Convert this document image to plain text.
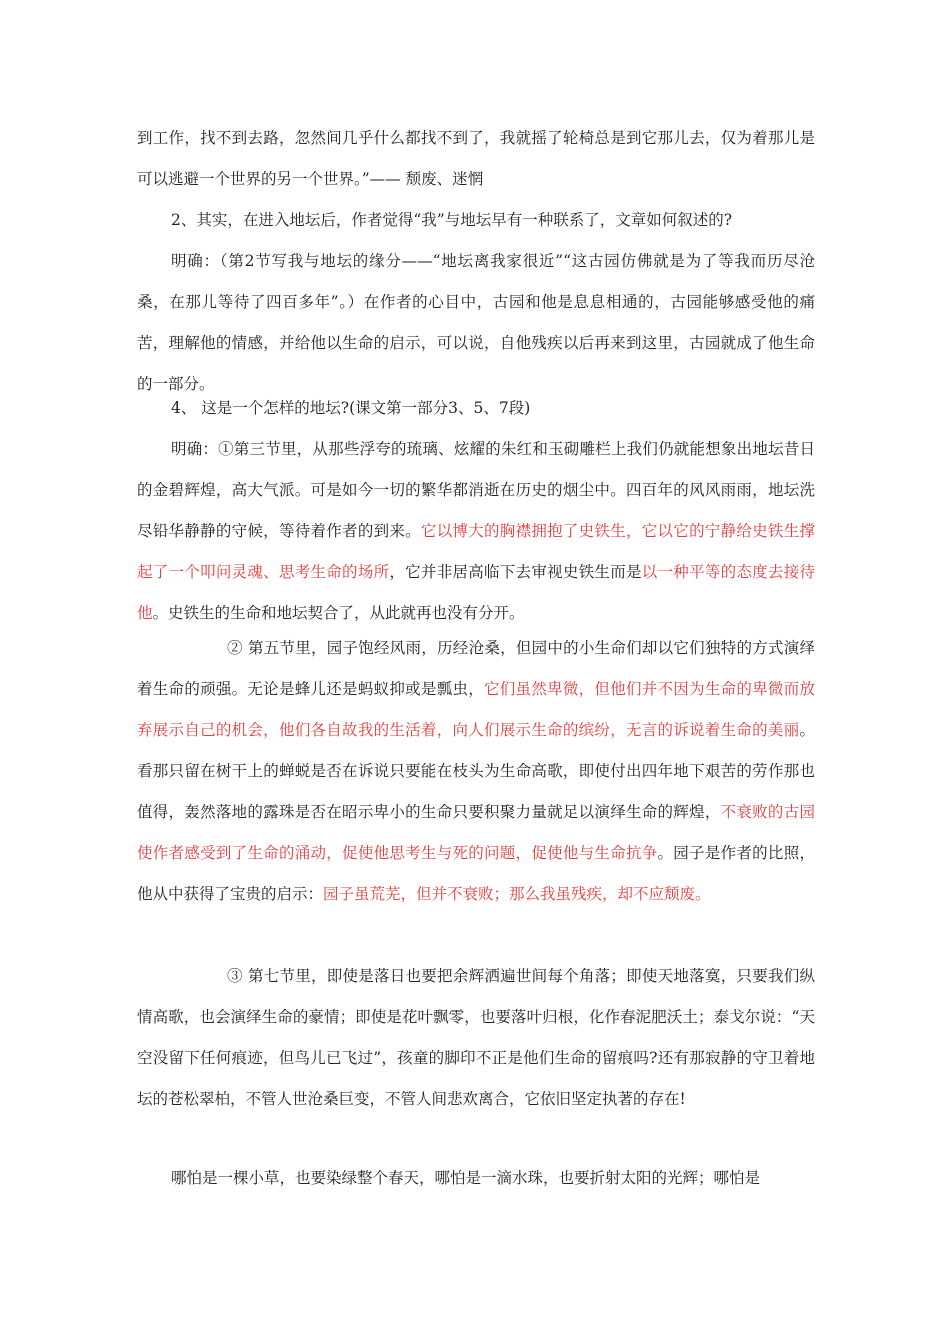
到工作，找不到去路，忽然间几乎什么都找不到了，我就摇了轮椅总是到它那儿去，仅为着那儿是可以逃避一个世界的另一个世界。”—— 颓废、迷惘

2、其实，在进入地坛后，作者觉得“我”与地坛早有一种联系了，文章如何叙述的?

明确：（第2节写我与地坛的缘分——“地坛离我家很近”“这古园仿佛就是为了等我而历尽沧桑，在那儿等待了四百多年”。）在作者的心目中，古园和他是息息相通的，古园能够感受他的痛苦，理解他的情感，并给他以生命的启示，可以说，自他残疾以后再来到这里，古园就成了他生命的一部分。

4、 这是一个怎样的地坛?(课文第一部分3、5、7段)

明确：①第三节里，从那些浮夸的琉璃、炫耀的朱红和玉砌雕栏上我们仍就能想象出地坛昔日的金碧辉煌，高大气派。可是如今一切的繁华都消逝在历史的烟尘中。四百年的风风雨雨，地坛洗尽铅华静静的守候，等待着作者的到来。它以博大的胸襟拥抱了史铁生，它以它的宁静给史铁生撑起了一个叩问灵魂、思考生命的场所，它并非居高临下去审视史铁生而是以一种平等的态度去接待他。史铁生的生命和地坛契合了，从此就再也没有分开。

② 第五节里，园子饱经风雨，历经沧桑，但园中的小生命们却以它们独特的方式演绎着生命的顽强。无论是蜂儿还是蚂蚁抑或是瓢虫，它们虽然卑微，但他们并不因为生命的卑微而放弃展示自己的机会，他们各自故我的生活着，向人们展示生命的缤纷，无言的诉说着生命的美丽。看那只留在树干上的蝉蜕是否在诉说只要能在枝头为生命高歌，即使付出四年地下艰苦的劳作那也值得，轰然落地的露珠是否在昭示卑小的生命只要积聚力量就足以演绎生命的辉煌，不衰败的古园使作者感受到了生命的涌动，促使他思考生与死的问题，促使他与生命抗争。园子是作者的比照，他从中获得了宝贵的启示：园子虽荒芜，但并不衰败；那么我虽残疾，却不应颓废。

③ 第七节里，即使是落日也要把余辉洒遍世间每个角落；即使天地落寞，只要我们纵情高歌，也会演绎生命的豪情；即使是花叶飘零，也要落叶归根，化作春泥肥沃土；泰戈尔说：“天空没留下任何痕迹，但鸟儿已飞过”，孩童的脚印不正是他们生命的留痕吗?还有那寂静的守卫着地坛的苍松翠柏，不管人世沧桑巨变，不管人间悲欢离合，它依旧坚定执著的存在!

哪怕是一棵小草，也要染绿整个春天，哪怕是一滴水珠，也要折射太阳的光辉；哪怕是
